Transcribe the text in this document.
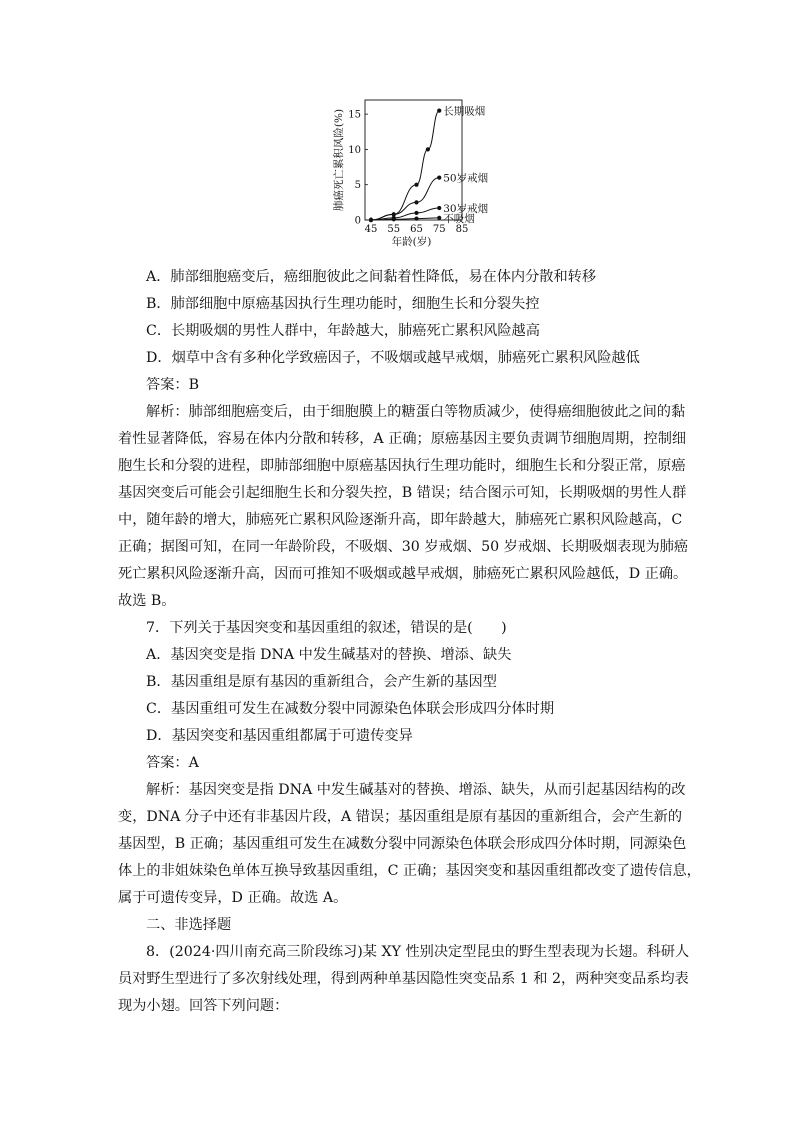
0
5
10
15
45 55 65 75 85
年龄(岁)
肺癌死亡累积风险(%)	长期吸烟
50岁戒烟
30岁戒烟
不吸烟
A．肺部细胞癌变后，癌细胞彼此之间黏着性降低，易在体内分散和转移
B．肺部细胞中原癌基因执行生理功能时，细胞生长和分裂失控
C．长期吸烟的男性人群中，年龄越大，肺癌死亡累积风险越高
D．烟草中含有多种化学致癌因子，不吸烟或越早戒烟，肺癌死亡累积风险越低
答案：B
解析：肺部细胞癌变后，由于细胞膜上的糖蛋白等物质减少，使得癌细胞彼此之间的黏
着性显著降低，容易在体内分散和转移，A 正确；原癌基因主要负责调节细胞周期，控制细
胞生长和分裂的进程，即肺部细胞中原癌基因执行生理功能时，细胞生长和分裂正常，原癌
基因突变后可能会引起细胞生长和分裂失控，B 错误；结合图示可知，长期吸烟的男性人群
中，随年龄的增大，肺癌死亡累积风险逐渐升高，即年龄越大，肺癌死亡累积风险越高，C
正确；据图可知，在同一年龄阶段，不吸烟、30 岁戒烟、50 岁戒烟、长期吸烟表现为肺癌
死亡累积风险逐渐升高，因而可推知不吸烟或越早戒烟，肺癌死亡累积风险越低，D 正确。
故选 B。
7．下列关于基因突变和基因重组的叙述，错误的是(　　)
A．基因突变是指 DNA 中发生碱基对的替换、增添、缺失
B．基因重组是原有基因的重新组合，会产生新的基因型
C．基因重组可发生在减数分裂中同源染色体联会形成四分体时期
D．基因突变和基因重组都属于可遗传变异
答案：A
解析：基因突变是指 DNA 中发生碱基对的替换、增添、缺失，从而引起基因结构的改
变，DNA 分子中还有非基因片段，A 错误；基因重组是原有基因的重新组合，会产生新的
基因型，B 正确；基因重组可发生在减数分裂中同源染色体联会形成四分体时期，同源染色
体上的非姐妹染色单体互换导致基因重组，C 正确；基因突变和基因重组都改变了遗传信息，
属于可遗传变异，D 正确。故选 A。
二、非选择题
8．(2024·四川南充高三阶段练习)某 XY 性别决定型昆虫的野生型表现为长翅。科研人
员对野生型进行了多次射线处理，得到两种单基因隐性突变品系 1 和 2，两种突变品系均表
现为小翅。回答下列问题：
